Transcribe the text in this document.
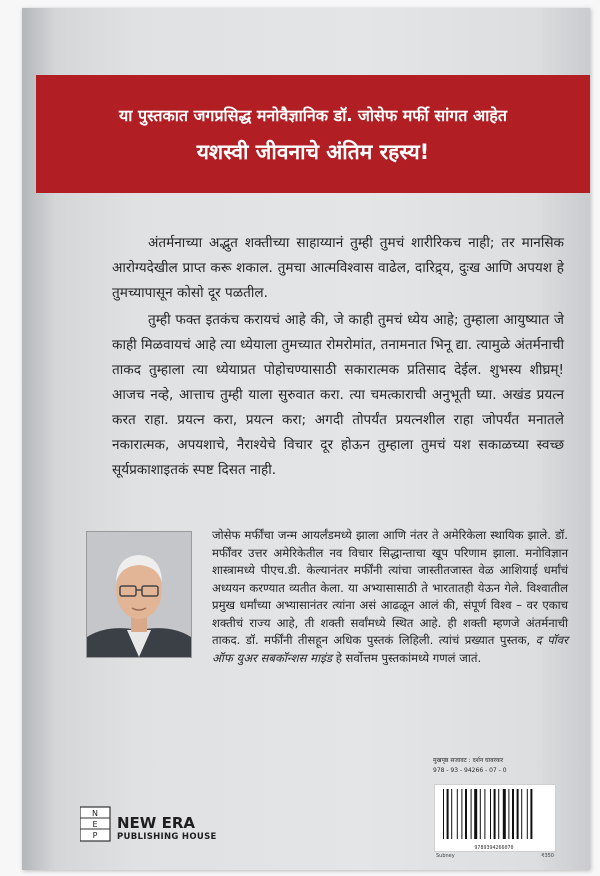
या पुस्तकात जगप्रसिद्ध मनोवैज्ञानिक डॉ. जोसेफ मर्फी सांगत आहेत
यशस्वी जीवनाचे अंतिम रहस्य!

अंतर्मनाच्या अद्भुत शक्तीच्या साहाय्यानं तुम्ही तुमचं शारीरिकच नाही; तर मानसिक आरोग्यदेखील प्राप्त करू शकाल. तुमचा आत्मविश्वास वाढेल, दारिद्र्य, दुःख आणि अपयश हे तुमच्यापासून कोसो दूर पळतील.

तुम्ही फक्त इतकंच करायचं आहे की, जे काही तुमचं ध्येय आहे; तुम्हाला आयुष्यात जे काही मिळवायचं आहे त्या ध्येयाला तुमच्यात रोमरोमांत, तनामनात भिनू द्या. त्यामुळे अंतर्मनाची ताकद तुम्हाला त्या ध्येयाप्रत पोहोचण्यासाठी सकारात्मक प्रतिसाद देईल. शुभस्य शीघ्रम्! आजच नव्हे, आत्ताच तुम्ही याला सुरुवात करा. त्या चमत्काराची अनुभूती घ्या. अखंड प्रयत्न करत राहा. प्रयत्न करा, प्रयत्न करा; अगदी तोपर्यंत प्रयत्नशील राहा जोपर्यंत मनातले नकारात्मक, अपयशाचे, नैराश्येचे विचार दूर होऊन तुम्हाला तुमचं यश सकाळच्या स्वच्छ सूर्यप्रकाशाइतकं स्पष्ट दिसत नाही.

जोसेफ मर्फींचा जन्म आयर्लंडमध्ये झाला आणि नंतर ते अमेरिकेला स्थायिक झाले. डॉ. मर्फींवर उत्तर अमेरिकेतील नव विचार सिद्धान्ताचा खूप परिणाम झाला. मनोविज्ञान शास्त्रामध्ये पीएच.डी. केल्यानंतर मर्फींनी त्यांचा जास्तीतजास्त वेळ आशियाई धर्मांचं अध्ययन करण्यात व्यतीत केला. या अभ्यासासाठी ते भारतातही येऊन गेले. विश्वातील प्रमुख धर्मांच्या अभ्यासानंतर त्यांना असं आढळून आलं की, संपूर्ण विश्व – वर एकाच शक्तीचं राज्य आहे, ती शक्ती सर्वांमध्ये स्थित आहे. ही शक्ती म्हणजे अंतर्मनाची ताकद. डॉ. मर्फींनी तीसहून अधिक पुस्तकं लिहिली. त्यांचं प्रख्यात पुस्तक, द पॉवर ऑफ युअर सबकॉन्शस माइंड हे सर्वोत्तम पुस्तकांमध्ये गणलं जातं.
N
E
P
NEW ERA
PUBLISHING HOUSE
मुखपृष्ठ सजावट : दर्शन घावरकर
978 - 93 - 94266 - 07 - 0
9789394266070
Subney	₹350
